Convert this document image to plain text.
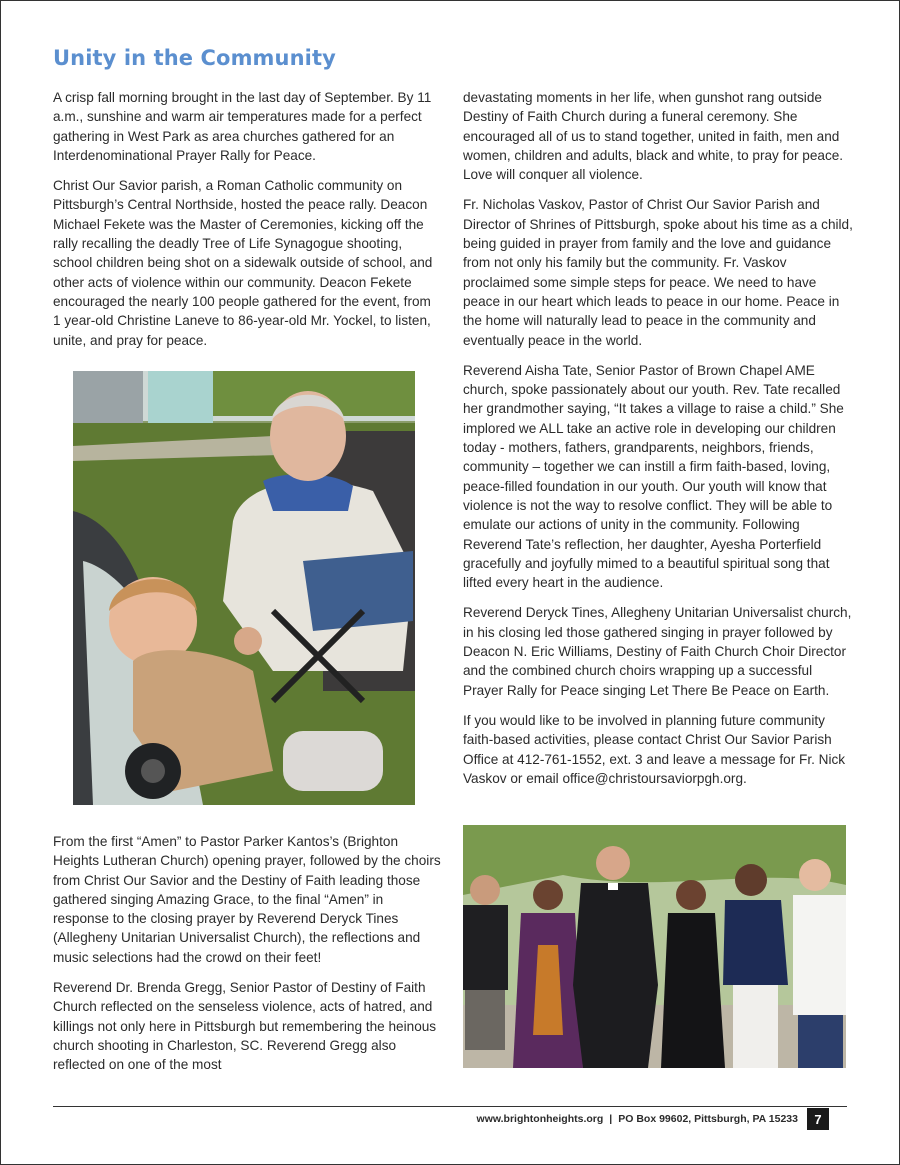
Unity in the Community

A crisp fall morning brought in the last day of September. By 11 a.m., sunshine and warm air temperatures made for a perfect gathering in West Park as area churches gathered for an Interdenominational Prayer Rally for Peace.

Christ Our Savior parish, a Roman Catholic community on Pittsburgh’s Central Northside, hosted the peace rally. Deacon Michael Fekete was the Master of Ceremonies, kicking off the rally recalling the deadly Tree of Life Synagogue shooting, school children being shot on a sidewalk outside of school, and other acts of violence within our community. Deacon Fekete encouraged the nearly 100 people gathered for the event, from 1 year-old Christine Laneve to 86-year-old Mr. Yockel, to listen, unite, and pray for peace.

From the first “Amen” to Pastor Parker Kantos’s (Brighton Heights Lutheran Church) opening prayer, followed by the choirs from Christ Our Savior and the Destiny of Faith leading those gathered singing Amazing Grace, to the final “Amen” in response to the closing prayer by Reverend Deryck Tines (Allegheny Unitarian Universalist Church), the reflections and music selections had the crowd on their feet!

Reverend Dr. Brenda Gregg, Senior Pastor of Destiny of Faith Church reflected on the senseless violence, acts of hatred, and killings not only here in Pittsburgh but remembering the heinous church shooting in Charleston, SC. Reverend Gregg also reflected on one of the most

devastating moments in her life, when gunshot rang outside Destiny of Faith Church during a funeral ceremony. She encouraged all of us to stand together, united in faith, men and women, children and adults, black and white, to pray for peace. Love will conquer all violence.

Fr. Nicholas Vaskov, Pastor of Christ Our Savior Parish and Director of Shrines of Pittsburgh, spoke about his time as a child, being guided in prayer from family and the love and guidance from not only his family but the community. Fr. Vaskov proclaimed some simple steps for peace. We need to have peace in our heart which leads to peace in our home. Peace in the home will naturally lead to peace in the community and eventually peace in the world.

Reverend Aisha Tate, Senior Pastor of Brown Chapel AME church, spoke passionately about our youth. Rev. Tate recalled her grandmother saying, “It takes a village to raise a child.” She implored we ALL take an active role in developing our children today - mothers, fathers, grandparents, neighbors, friends, community – together we can instill a firm faith-based, loving, peace-filled foundation in our youth. Our youth will know that violence is not the way to resolve conflict. They will be able to emulate our actions of unity in the community. Following Reverend Tate’s reflection, her daughter, Ayesha Porterfield gracefully and joyfully mimed to a beautiful spiritual song that lifted every heart in the audience.

Reverend Deryck Tines, Allegheny Unitarian Universalist church, in his closing led those gathered singing in prayer followed by Deacon N. Eric Williams, Destiny of Faith Church Choir Director and the combined church choirs wrapping up a successful Prayer Rally for Peace singing Let There Be Peace on Earth.

If you would like to be involved in planning future community faith-based activities, please contact Christ Our Savior Parish Office at 412-761-1552, ext. 3 and leave a message for Fr. Nick Vaskov or email office@christoursaviorpgh.org.

www.brightonheights.org | PO Box 99602, Pittsburgh, PA 15233	7
